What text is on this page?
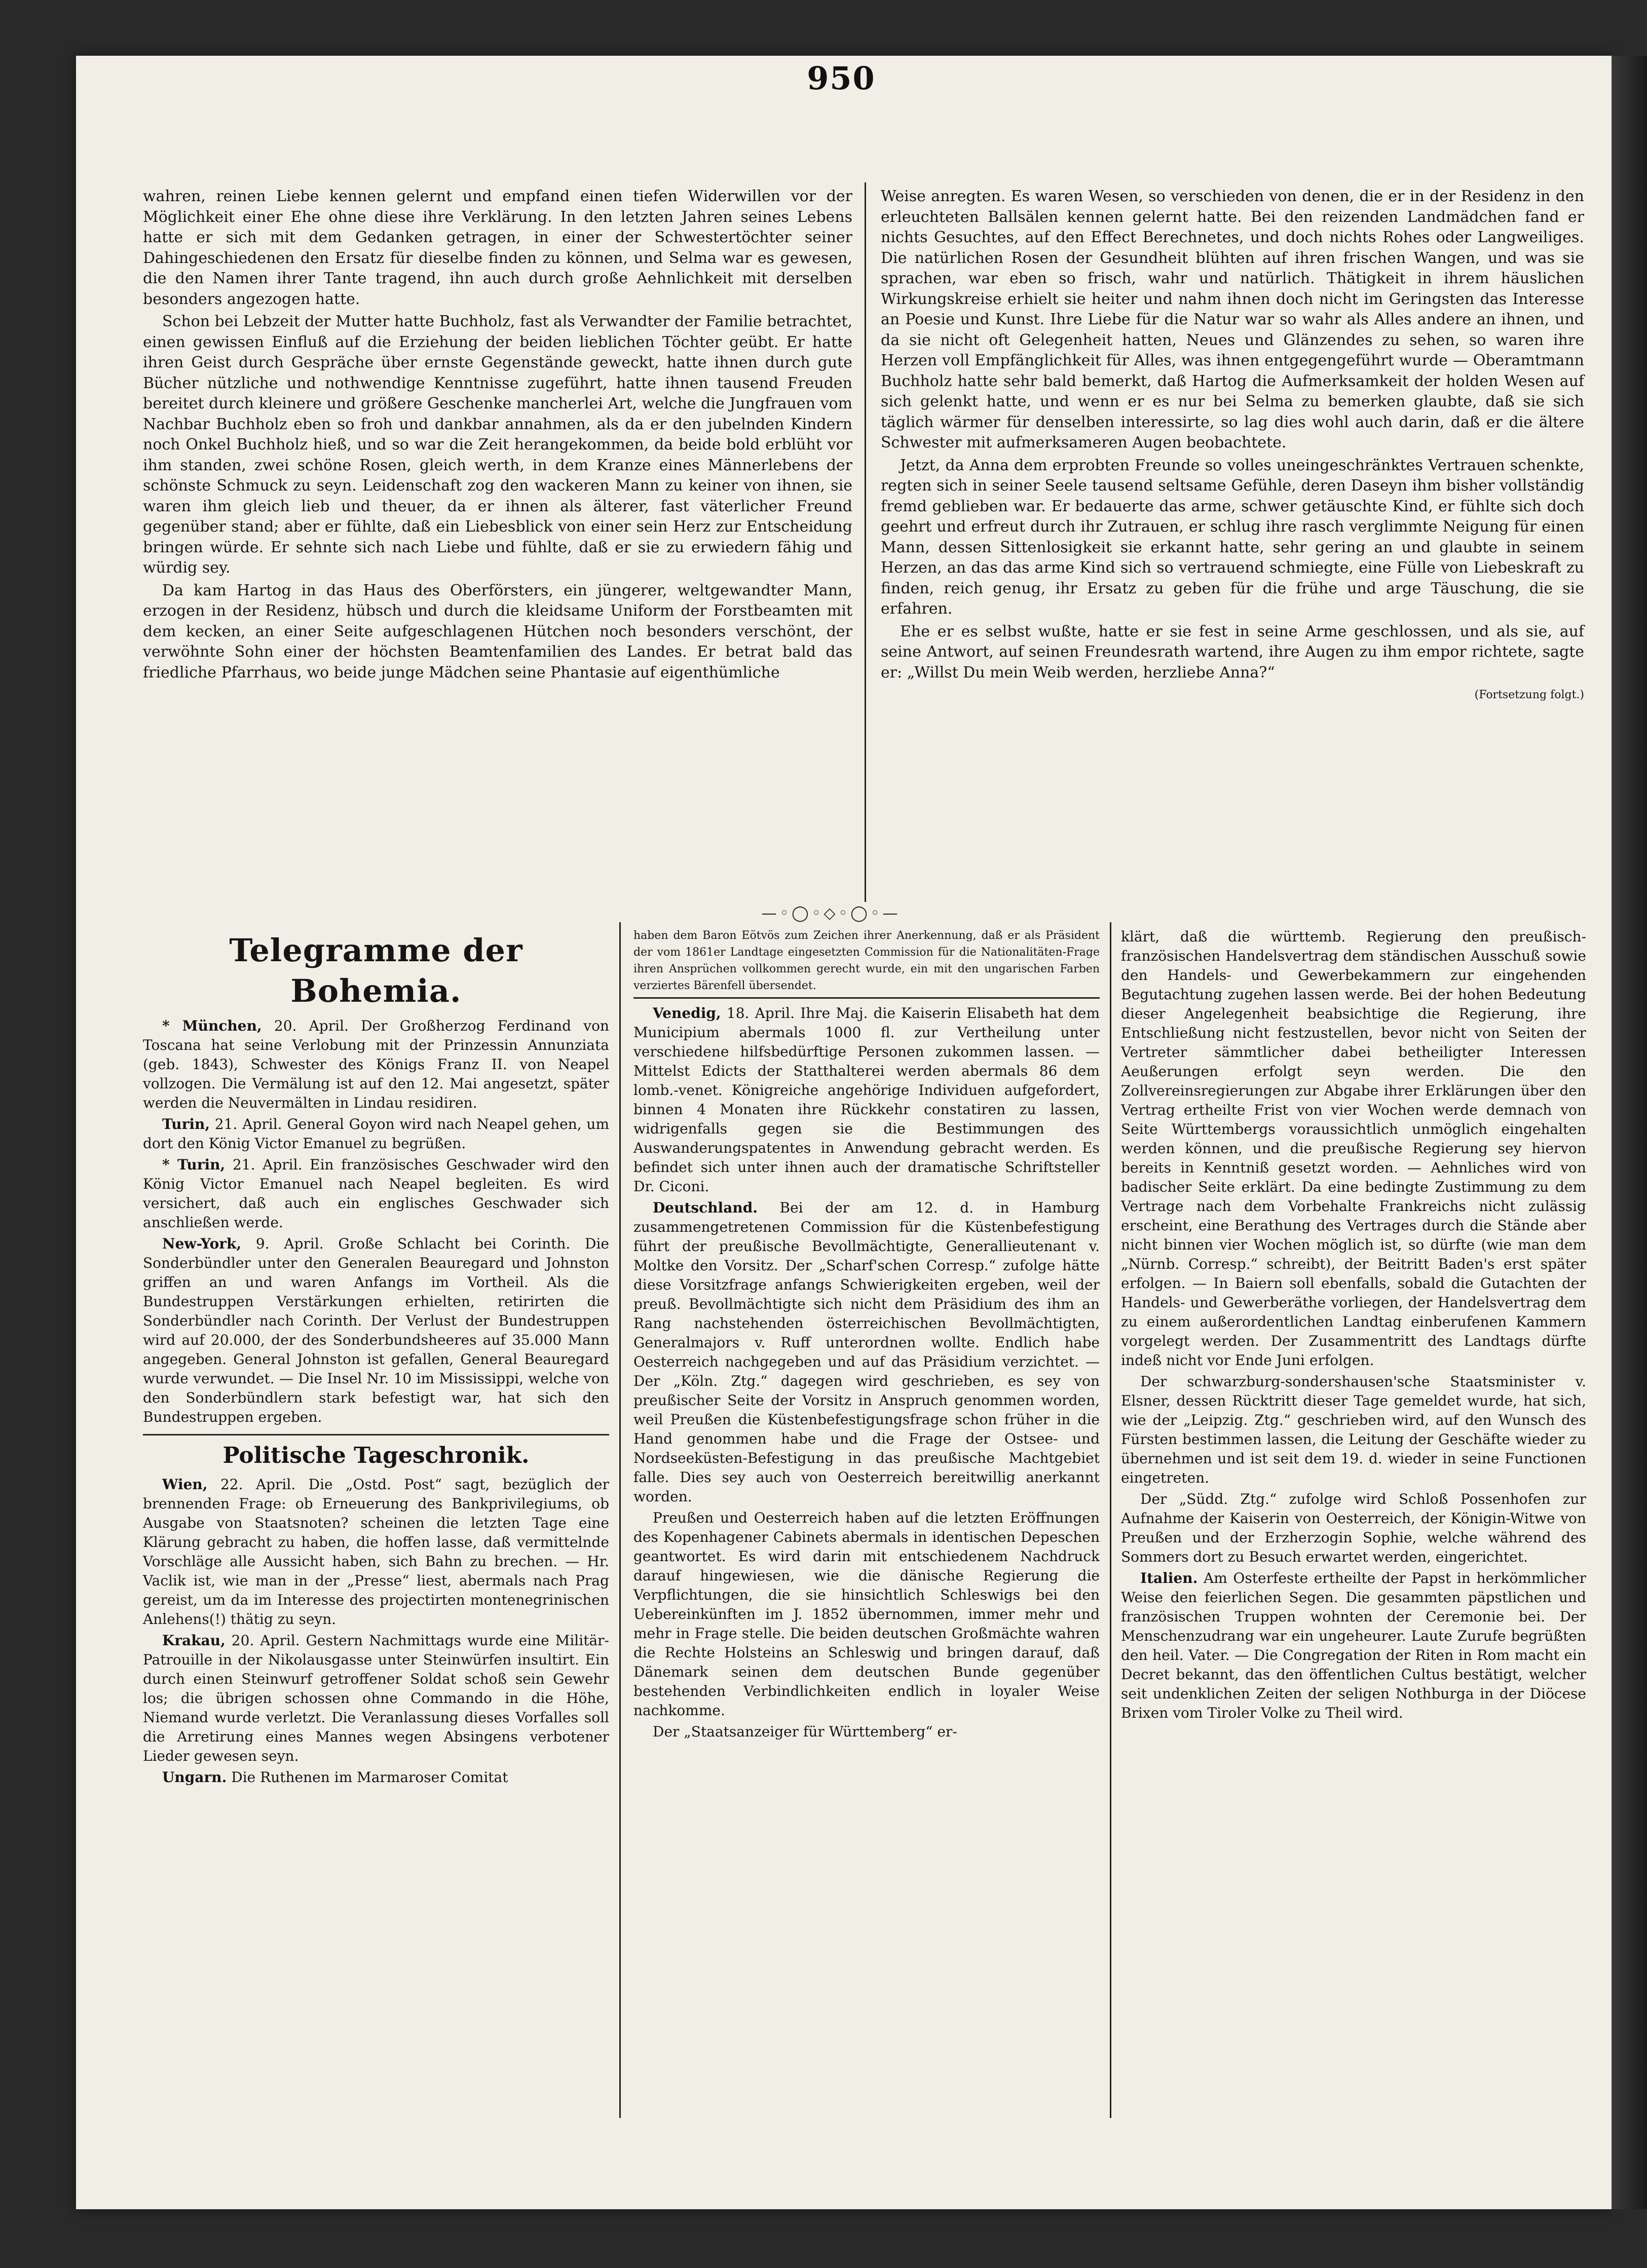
950

wahren, reinen Liebe kennen gelernt und empfand einen tiefen Widerwillen vor der Möglichkeit einer Ehe ohne diese ihre Verklärung. In den letzten Jahren seines Lebens hatte er sich mit dem Gedanken getragen, in einer der Schwestertöchter seiner Dahingeschiedenen den Ersatz für dieselbe finden zu können, und Selma war es gewesen, die den Namen ihrer Tante tragend, ihn auch durch große Aehnlichkeit mit derselben besonders angezogen hatte.

Schon bei Lebzeit der Mutter hatte Buchholz, fast als Verwandter der Familie betrachtet, einen gewissen Einfluß auf die Erziehung der beiden lieblichen Töchter geübt. Er hatte ihren Geist durch Gespräche über ernste Gegenstände geweckt, hatte ihnen durch gute Bücher nützliche und nothwendige Kenntnisse zugeführt, hatte ihnen tausend Freuden bereitet durch kleinere und größere Geschenke mancherlei Art, welche die Jungfrauen vom Nachbar Buchholz eben so froh und dankbar annahmen, als da er den jubelnden Kindern noch Onkel Buchholz hieß, und so war die Zeit herangekommen, da beide bold erblüht vor ihm standen, zwei schöne Rosen, gleich werth, in dem Kranze eines Männerlebens der schönste Schmuck zu seyn. Leidenschaft zog den wackeren Mann zu keiner von ihnen, sie waren ihm gleich lieb und theuer, da er ihnen als älterer, fast väterlicher Freund gegenüber stand; aber er fühlte, daß ein Liebesblick von einer sein Herz zur Entscheidung bringen würde. Er sehnte sich nach Liebe und fühlte, daß er sie zu erwiedern fähig und würdig sey.

Da kam Hartog in das Haus des Oberförsters, ein jüngerer, weltgewandter Mann, erzogen in der Residenz, hübsch und durch die kleidsame Uniform der Forstbeamten mit dem kecken, an einer Seite aufgeschlagenen Hütchen noch besonders verschönt, der verwöhnte Sohn einer der höchsten Beamtenfamilien des Landes. Er betrat bald das friedliche Pfarrhaus, wo beide junge Mädchen seine Phantasie auf eigenthümliche

Weise anregten. Es waren Wesen, so verschieden von denen, die er in der Residenz in den erleuchteten Ballsälen kennen gelernt hatte. Bei den reizenden Landmädchen fand er nichts Gesuchtes, auf den Effect Berechnetes, und doch nichts Rohes oder Langweiliges. Die natürlichen Rosen der Gesundheit blühten auf ihren frischen Wangen, und was sie sprachen, war eben so frisch, wahr und natürlich. Thätigkeit in ihrem häuslichen Wirkungskreise erhielt sie heiter und nahm ihnen doch nicht im Geringsten das Interesse an Poesie und Kunst. Ihre Liebe für die Natur war so wahr als Alles andere an ihnen, und da sie nicht oft Gelegenheit hatten, Neues und Glänzendes zu sehen, so waren ihre Herzen voll Empfänglichkeit für Alles, was ihnen entgegengeführt wurde — Oberamtmann Buchholz hatte sehr bald bemerkt, daß Hartog die Aufmerksamkeit der holden Wesen auf sich gelenkt hatte, und wenn er es nur bei Selma zu bemerken glaubte, daß sie sich täglich wärmer für denselben interessirte, so lag dies wohl auch darin, daß er die ältere Schwester mit aufmerksameren Augen beobachtete.

Jetzt, da Anna dem erprobten Freunde so volles uneingeschränktes Vertrauen schenkte, regten sich in seiner Seele tausend seltsame Gefühle, deren Daseyn ihm bisher vollständig fremd geblieben war. Er bedauerte das arme, schwer getäuschte Kind, er fühlte sich doch geehrt und erfreut durch ihr Zutrauen, er schlug ihre rasch verglimmte Neigung für einen Mann, dessen Sittenlosigkeit sie erkannt hatte, sehr gering an und glaubte in seinem Herzen, an das das arme Kind sich so vertrauend schmiegte, eine Fülle von Liebeskraft zu finden, reich genug, ihr Ersatz zu geben für die frühe und arge Täuschung, die sie erfahren.

Ehe er es selbst wußte, hatte er sie fest in seine Arme geschlossen, und als sie, auf seine Antwort, auf seinen Freundesrath wartend, ihre Augen zu ihm empor richtete, sagte er: „Willst Du mein Weib werden, herzliebe Anna?“

(Fortsetzung folgt.)
—◦◯◦◇◦◯◦—
Telegramme der Bohemia.

* München, 20. April. Der Großherzog Ferdinand von Toscana hat seine Verlobung mit der Prinzessin Annunziata (geb. 1843), Schwester des Königs Franz II. von Neapel vollzogen. Die Vermälung ist auf den 12. Mai angesetzt, später werden die Neuvermälten in Lindau residiren.

Turin, 21. April. General Goyon wird nach Neapel gehen, um dort den König Victor Emanuel zu begrüßen.

* Turin, 21. April. Ein französisches Geschwader wird den König Victor Emanuel nach Neapel begleiten. Es wird versichert, daß auch ein englisches Geschwader sich anschließen werde.

New-York, 9. April. Große Schlacht bei Corinth. Die Sonderbündler unter den Generalen Beauregard und Johnston griffen an und waren Anfangs im Vortheil. Als die Bundestruppen Verstärkungen erhielten, retirirten die Sonderbündler nach Corinth. Der Verlust der Bundestruppen wird auf 20.000, der des Sonderbundsheeres auf 35.000 Mann angegeben. General Johnston ist gefallen, General Beauregard wurde verwundet. — Die Insel Nr. 10 im Mississippi, welche von den Sonderbündlern stark befestigt war, hat sich den Bundestruppen ergeben.

Politische Tageschronik.

Wien, 22. April. Die „Ostd. Post“ sagt, bezüglich der brennenden Frage: ob Erneuerung des Bankprivilegiums, ob Ausgabe von Staatsnoten? scheinen die letzten Tage eine Klärung gebracht zu haben, die hoffen lasse, daß vermittelnde Vorschläge alle Aussicht haben, sich Bahn zu brechen. — Hr. Vaclik ist, wie man in der „Presse“ liest, abermals nach Prag gereist, um da im Interesse des projectirten montenegrinischen Anlehens(!) thätig zu seyn.

Krakau, 20. April. Gestern Nachmittags wurde eine Militär-Patrouille in der Nikolausgasse unter Steinwürfen insultirt. Ein durch einen Steinwurf getroffener Soldat schoß sein Gewehr los; die übrigen schossen ohne Commando in die Höhe, Niemand wurde verletzt. Die Veranlassung dieses Vorfalles soll die Arretirung eines Mannes wegen Absingens verbotener Lieder gewesen seyn.

Ungarn. Die Ruthenen im Marmaroser Comitat

haben dem Baron Eötvös zum Zeichen ihrer Anerkennung, daß er als Präsident der vom 1861er Landtage eingesetzten Commission für die Nationalitäten-Frage ihren Ansprüchen vollkommen gerecht wurde, ein mit den ungarischen Farben verziertes Bärenfell übersendet.

Venedig, 18. April. Ihre Maj. die Kaiserin Elisabeth hat dem Municipium abermals 1000 fl. zur Vertheilung unter verschiedene hilfsbedürftige Personen zukommen lassen. — Mittelst Edicts der Statthalterei werden abermals 86 dem lomb.-venet. Königreiche angehörige Individuen aufgefordert, binnen 4 Monaten ihre Rückkehr constatiren zu lassen, widrigenfalls gegen sie die Bestimmungen des Auswanderungspatentes in Anwendung gebracht werden. Es befindet sich unter ihnen auch der dramatische Schriftsteller Dr. Ciconi.

Deutschland. Bei der am 12. d. in Hamburg zusammengetretenen Commission für die Küstenbefestigung führt der preußische Bevollmächtigte, Generallieutenant v. Moltke den Vorsitz. Der „Scharf'schen Corresp.“ zufolge hätte diese Vorsitzfrage anfangs Schwierigkeiten ergeben, weil der preuß. Bevollmächtigte sich nicht dem Präsidium des ihm an Rang nachstehenden österreichischen Bevollmächtigten, Generalmajors v. Ruff unterordnen wollte. Endlich habe Oesterreich nachgegeben und auf das Präsidium verzichtet. — Der „Köln. Ztg.“ dagegen wird geschrieben, es sey von preußischer Seite der Vorsitz in Anspruch genommen worden, weil Preußen die Küstenbefestigungsfrage schon früher in die Hand genommen habe und die Frage der Ostsee- und Nordseeküsten-Befestigung in das preußische Machtgebiet falle. Dies sey auch von Oesterreich bereitwillig anerkannt worden.

Preußen und Oesterreich haben auf die letzten Eröffnungen des Kopenhagener Cabinets abermals in identischen Depeschen geantwortet. Es wird darin mit entschiedenem Nachdruck darauf hingewiesen, wie die dänische Regierung die Verpflichtungen, die sie hinsichtlich Schleswigs bei den Uebereinkünften im J. 1852 übernommen, immer mehr und mehr in Frage stelle. Die beiden deutschen Großmächte wahren die Rechte Holsteins an Schleswig und bringen darauf, daß Dänemark seinen dem deutschen Bunde gegenüber bestehenden Verbindlichkeiten endlich in loyaler Weise nachkomme.

Der „Staatsanzeiger für Württemberg“ er-

klärt, daß die württemb. Regierung den preußisch-französischen Handelsvertrag dem ständischen Ausschuß sowie den Handels- und Gewerbekammern zur eingehenden Begutachtung zugehen lassen werde. Bei der hohen Bedeutung dieser Angelegenheit beabsichtige die Regierung, ihre Entschließung nicht festzustellen, bevor nicht von Seiten der Vertreter sämmtlicher dabei betheiligter Interessen Aeußerungen erfolgt seyn werden. Die den Zollvereinsregierungen zur Abgabe ihrer Erklärungen über den Vertrag ertheilte Frist von vier Wochen werde demnach von Seite Württembergs voraussichtlich unmöglich eingehalten werden können, und die preußische Regierung sey hiervon bereits in Kenntniß gesetzt worden. — Aehnliches wird von badischer Seite erklärt. Da eine bedingte Zustimmung zu dem Vertrage nach dem Vorbehalte Frankreichs nicht zulässig erscheint, eine Berathung des Vertrages durch die Stände aber nicht binnen vier Wochen möglich ist, so dürfte (wie man dem „Nürnb. Corresp.“ schreibt), der Beitritt Baden's erst später erfolgen. — In Baiern soll ebenfalls, sobald die Gutachten der Handels- und Gewerberäthe vorliegen, der Handelsvertrag dem zu einem außerordentlichen Landtag einberufenen Kammern vorgelegt werden. Der Zusammentritt des Landtags dürfte indeß nicht vor Ende Juni erfolgen.

Der schwarzburg-sondershausen'sche Staatsminister v. Elsner, dessen Rücktritt dieser Tage gemeldet wurde, hat sich, wie der „Leipzig. Ztg.“ geschrieben wird, auf den Wunsch des Fürsten bestimmen lassen, die Leitung der Geschäfte wieder zu übernehmen und ist seit dem 19. d. wieder in seine Functionen eingetreten.

Der „Südd. Ztg.“ zufolge wird Schloß Possenhofen zur Aufnahme der Kaiserin von Oesterreich, der Königin-Witwe von Preußen und der Erzherzogin Sophie, welche während des Sommers dort zu Besuch erwartet werden, eingerichtet.

Italien. Am Osterfeste ertheilte der Papst in herkömmlicher Weise den feierlichen Segen. Die gesammten päpstlichen und französischen Truppen wohnten der Ceremonie bei. Der Menschenzudrang war ein ungeheurer. Laute Zurufe begrüßten den heil. Vater. — Die Congregation der Riten in Rom macht ein Decret bekannt, das den öffentlichen Cultus bestätigt, welcher seit undenklichen Zeiten der seligen Nothburga in der Diöcese Brixen vom Tiroler Volke zu Theil wird.
